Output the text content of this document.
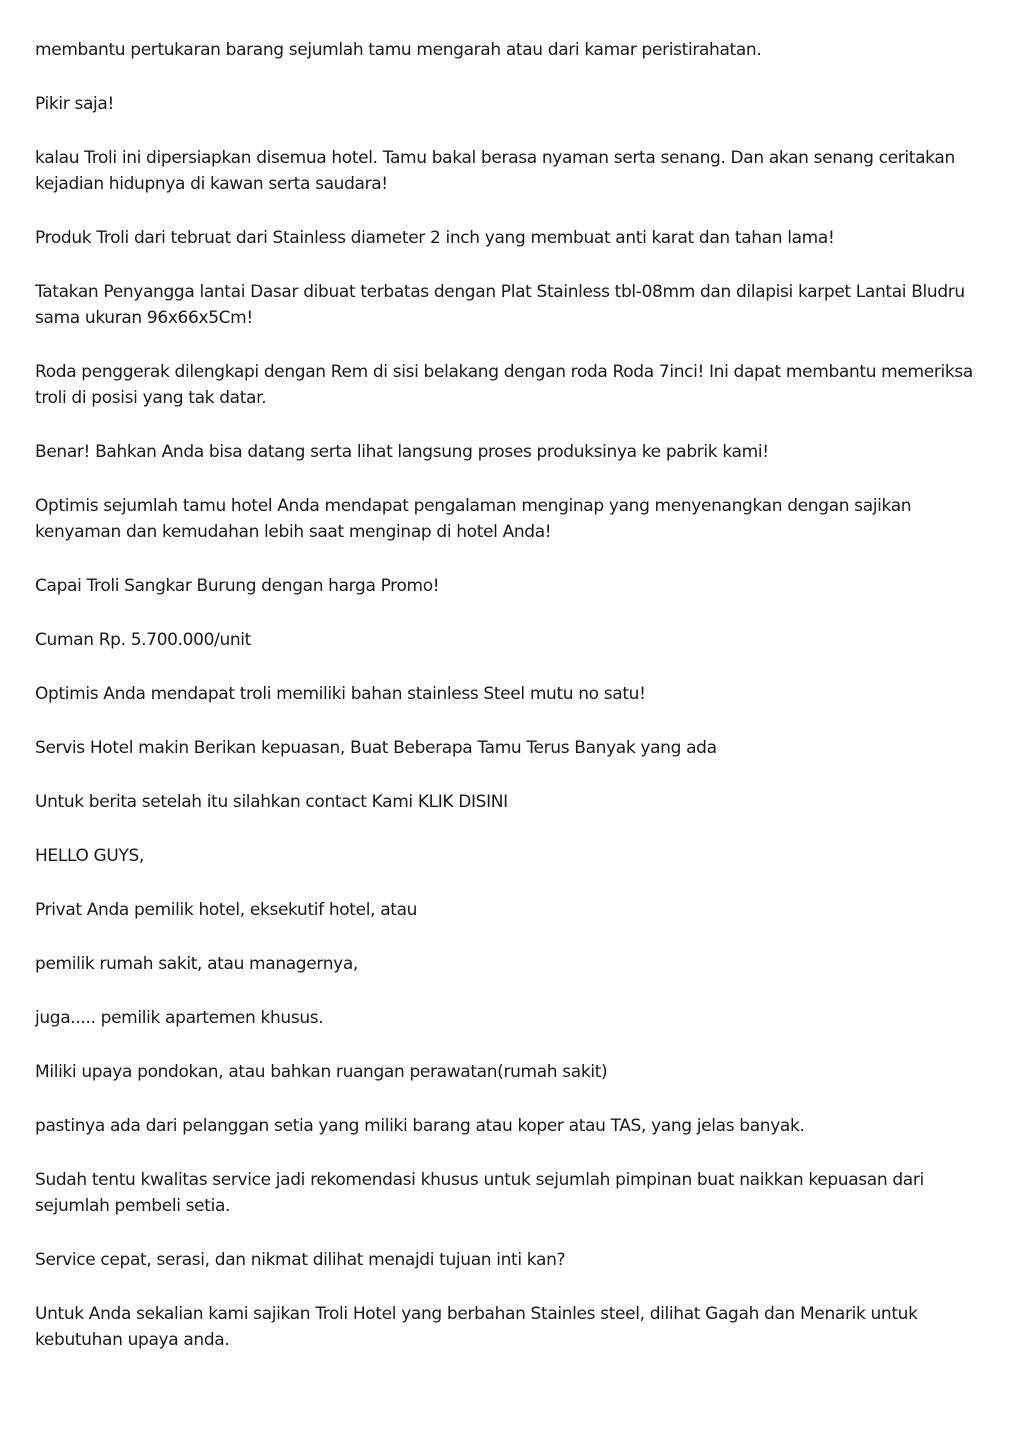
membantu pertukaran barang sejumlah tamu mengarah atau dari kamar peristirahatan.

Pikir saja!

kalau Troli ini dipersiapkan disemua hotel. Tamu bakal berasa nyaman serta senang. Dan akan senang ceritakan kejadian hidupnya di kawan serta saudara!

Produk Troli dari tebruat dari Stainless diameter 2 inch yang membuat anti karat dan tahan lama!

Tatakan Penyangga lantai Dasar dibuat terbatas dengan Plat Stainless tbl-08mm dan dilapisi karpet Lantai Bludru sama ukuran 96x66x5Cm!

Roda penggerak dilengkapi dengan Rem di sisi belakang dengan roda Roda 7inci! Ini dapat membantu memeriksa troli di posisi yang tak datar.

Benar! Bahkan Anda bisa datang serta lihat langsung proses produksinya ke pabrik kami!

Optimis sejumlah tamu hotel Anda mendapat pengalaman menginap yang menyenangkan dengan sajikan kenyaman dan kemudahan lebih saat menginap di hotel Anda!

Capai Troli Sangkar Burung dengan harga Promo!

Cuman Rp. 5.700.000/unit

Optimis Anda mendapat troli memiliki bahan stainless Steel mutu no satu!

Servis Hotel makin Berikan kepuasan, Buat Beberapa Tamu Terus Banyak yang ada

Untuk berita setelah itu silahkan contact Kami KLIK DISINI

HELLO GUYS,

Privat Anda pemilik hotel, eksekutif hotel, atau

pemilik rumah sakit, atau managernya,

juga..... pemilik apartemen khusus.

Miliki upaya pondokan, atau bahkan ruangan perawatan(rumah sakit)

pastinya ada dari pelanggan setia yang miliki barang atau koper atau TAS, yang jelas banyak.

Sudah tentu kwalitas service jadi rekomendasi khusus untuk sejumlah pimpinan buat naikkan kepuasan dari sejumlah pembeli setia.

Service cepat, serasi, dan nikmat dilihat menajdi tujuan inti kan?

Untuk Anda sekalian kami sajikan Troli Hotel yang berbahan Stainles steel, dilihat Gagah dan Menarik untuk kebutuhan upaya anda.
